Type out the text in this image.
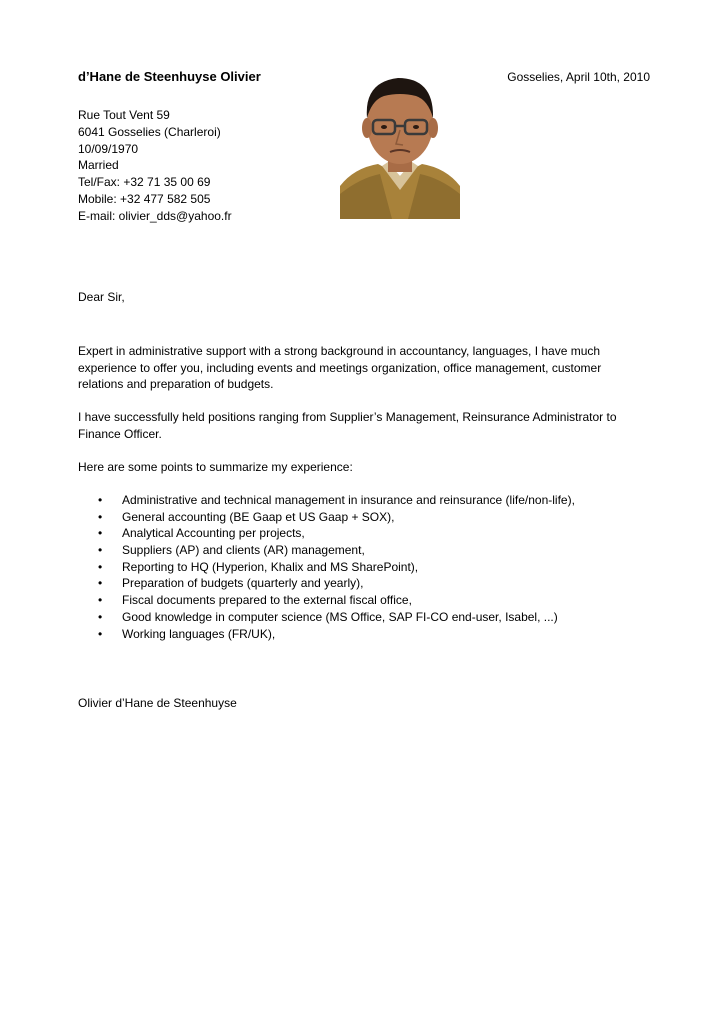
d’Hane de Steenhuyse Olivier	Gosselies, April 10th, 2010
Rue Tout Vent 59
6041 Gosselies (Charleroi)
10/09/1970
Married
Tel/Fax: +32 71 35 00 69
Mobile: +32 477 582 505
E-mail: olivier_dds@yahoo.fr
Dear Sir,

Expert in administrative support with a strong background in accountancy, languages, I have much experience to offer you, including events and meetings organization, office management, customer relations and preparation of budgets.

I have successfully held positions ranging from Supplier’s Management, Reinsurance Administrator to Finance Officer.

Here are some points to summarize my experience:

• Administrative and technical management in insurance and reinsurance (life/non-life),
• General accounting (BE Gaap et US Gaap + SOX),
• Analytical Accounting per projects,
• Suppliers (AP) and clients (AR) management,
• Reporting to HQ (Hyperion, Khalix and MS SharePoint),
• Preparation of budgets (quarterly and yearly),
• Fiscal documents prepared to the external fiscal office,
• Good knowledge in computer science (MS Office, SAP FI-CO end-user, Isabel, ...)
• Working languages (FR/UK),
Olivier d’Hane de Steenhuyse
